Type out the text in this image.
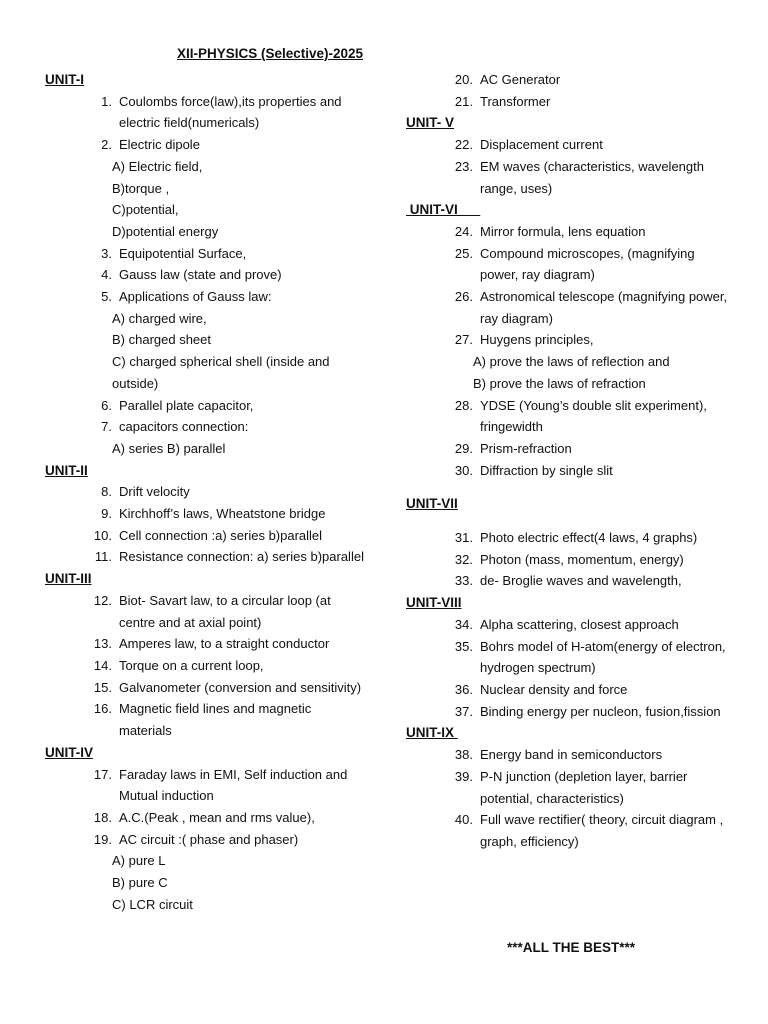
XII-PHYSICS (Selective)-2025
UNIT-I
1. Coulombs force(law),its properties and electric field(numericals)
2. Electric dipole
A) Electric field,
B)torque ,
C)potential,
D)potential energy
3. Equipotential Surface,
4. Gauss law (state and prove)
5. Applications of Gauss law:
A) charged wire,
B) charged sheet
C) charged spherical shell (inside and outside)
6. Parallel plate capacitor,
7. capacitors connection:
A) series B) parallel
UNIT-II
8. Drift velocity
9. Kirchhoff’s laws, Wheatstone bridge
10. Cell connection :a) series b)parallel
11. Resistance connection: a) series b)parallel
UNIT-III
12. Biot- Savart law, to a circular loop (at centre and at axial point)
13. Amperes law, to a straight conductor
14. Torque on a current loop,
15. Galvanometer (conversion and sensitivity)
16. Magnetic field lines and magnetic materials
UNIT-IV
17. Faraday laws in EMI, Self induction and Mutual induction
18. A.C.(Peak , mean and rms value),
19. AC circuit :( phase and phaser)
A) pure L
B) pure C
C) LCR circuit
20. AC Generator
21. Transformer
UNIT- V
22. Displacement current
23. EM waves (characteristics, wavelength range, uses)
UNIT-VI
24. Mirror formula, lens equation
25. Compound microscopes, (magnifying power, ray diagram)
26. Astronomical telescope (magnifying power, ray diagram)
27. Huygens principles,
A) prove the laws of reflection and
B) prove the laws of refraction
28. YDSE (Young’s double slit experiment), fringewidth
29. Prism-refraction
30. Diffraction by single slit
UNIT-VII
31. Photo electric effect(4 laws, 4 graphs)
32. Photon (mass, momentum, energy)
33. de- Broglie waves and wavelength,
UNIT-VIII
34. Alpha scattering, closest approach
35. Bohrs model of H-atom(energy of electron, hydrogen spectrum)
36. Nuclear density and force
37. Binding energy per nucleon, fusion,fission
UNIT-IX
38. Energy band in semiconductors
39. P-N junction (depletion layer, barrier potential, characteristics)
40. Full wave rectifier( theory, circuit diagram , graph, efficiency)
***ALL THE BEST***
